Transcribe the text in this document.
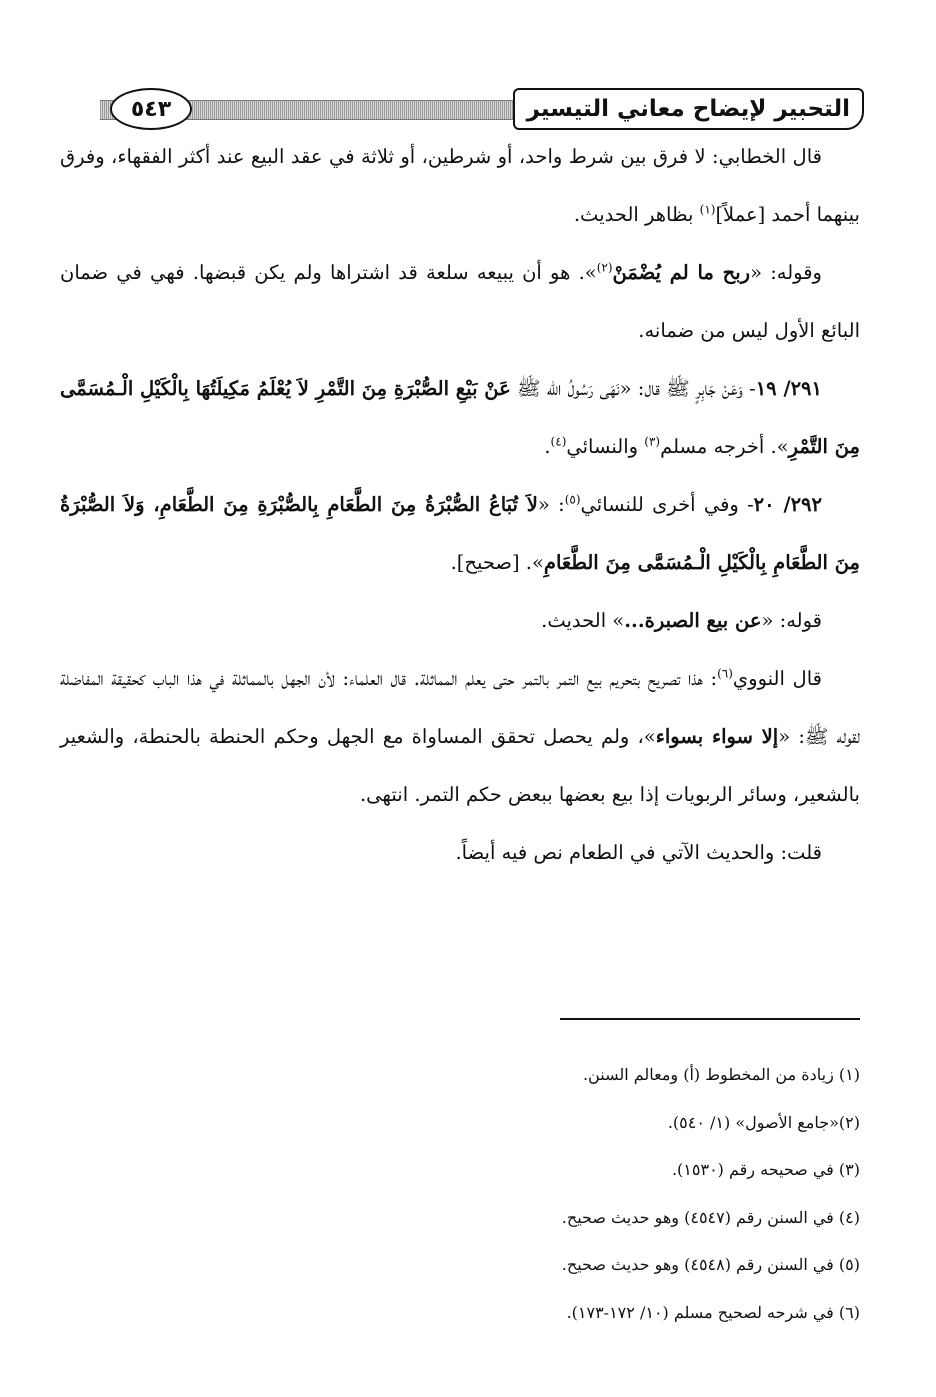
التحبير لإيضاح معاني التيسير
٥٤٣

قال الخطابي: لا فرق بين شرط واحد، أو شرطين، أو ثلاثة في عقد البيع عند أكثر الفقهاء، وفرق بينهما أحمد [عملاً]$^{(١)}$ بظاهر الحديث.

وقوله: «ربح ما لم يُضْمَنْ$^{(٢)}$». هو أن يبيعه سلعة قد اشتراها ولم يكن قبضها. فهي في ضمان البائع الأول ليس من ضمانه.

٢٩١/ ١٩- وَعَنْ جَابِرٍ ﷺ قال: «نَهَى رَسُولُ الله ﷺ عَنْ بَيْعِ الصُّبْرَةِ مِنَ التَّمْرِ لاَ يُعْلَمُ مَكِيلَتُهَا بِالْكَيْلِ الْـمُسَمَّى مِنَ التَّمْرِ». أخرجه مسلم$^{(٣)}$ والنسائي$^{(٤)}$.

٢٩٢/ ٢٠- وفي أخرى للنسائي$^{(٥)}$: «لاَ تُبَاعُ الصُّبْرَةُ مِنَ الطَّعَامِ بِالصُّبْرَةِ مِنَ الطَّعَامِ، وَلاَ الصُّبْرَةُ مِنَ الطَّعَامِ بِالْكَيْلِ الْـمُسَمَّى مِنَ الطَّعَامِ». [صحيح].

قوله: «عن بيع الصبرة...» الحديث.

قال النووي$^{(٦)}$: هذا تصريح بتحريم بيع التمر بالتمر حتى يعلم المماثلة. قال العلماء: لأن الجهل بالمماثلة في هذا الباب كحقيقة المفاضلة لقوله ﷺ: «إلا سواء بسواء»، ولم يحصل تحقق المساواة مع الجهل وحكم الحنطة بالحنطة، والشعير بالشعير، وسائر الربويات إذا بيع بعضها ببعض حكم التمر. انتهى.

قلت: والحديث الآتي في الطعام نص فيه أيضاً.

(١) زيادة من المخطوط (أ) ومعالم السنن.

(٢)«جامع الأصول» (١/ ٥٤٠).

(٣) في صحيحه رقم (١٥٣٠).

(٤) في السنن رقم (٤٥٤٧) وهو حديث صحيح.

(٥) في السنن رقم (٤٥٤٨) وهو حديث صحيح.

(٦) في شرحه لصحيح مسلم (١٠/ ١٧٢-١٧٣).
